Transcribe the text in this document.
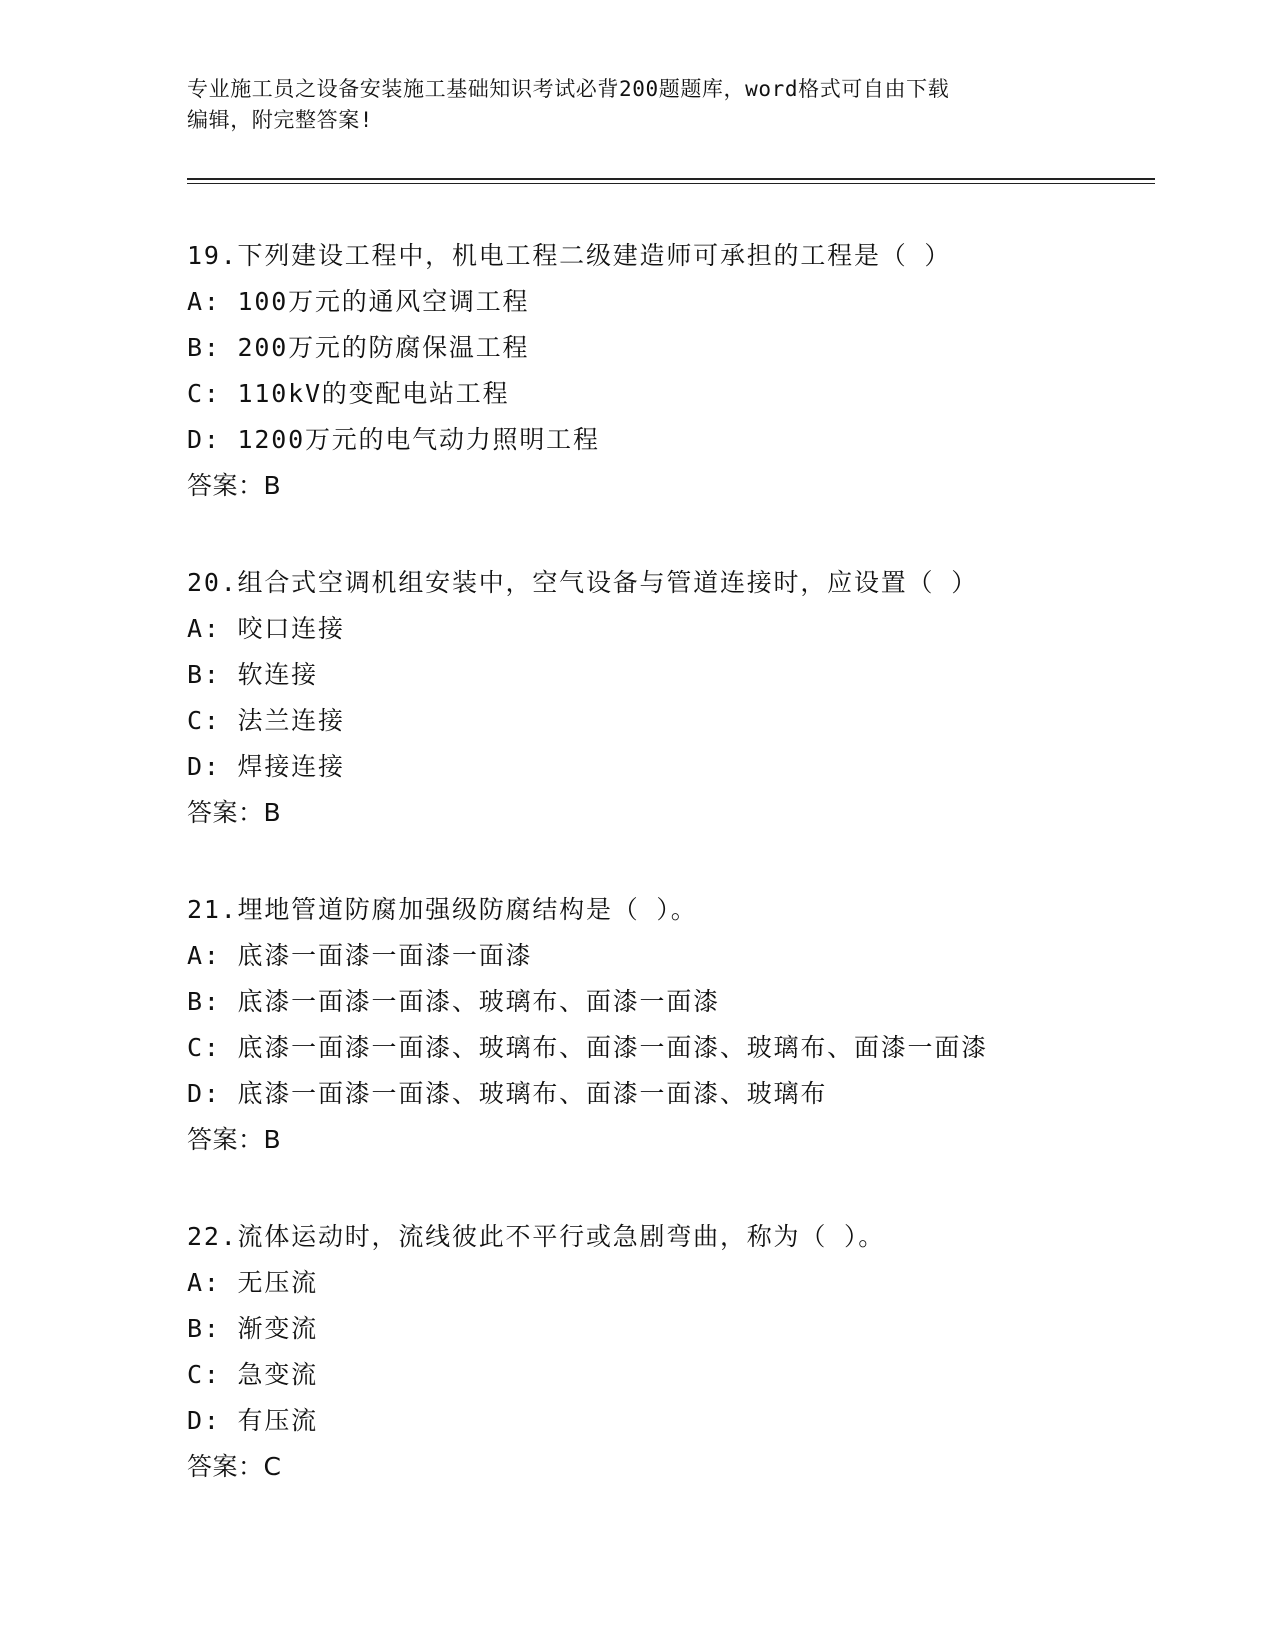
专业施工员之设备安装施工基础知识考试必背200题题库，word格式可自由下载
编辑，附完整答案!
19.下列建设工程中，机电工程二级建造师可承担的工程是（ ）
A: 100万元的通风空调工程
B: 200万元的防腐保温工程
C: 110kV的变配电站工程
D: 1200万元的电气动力照明工程
答案：B
20.组合式空调机组安装中，空气设备与管道连接时，应设置（ ）
A: 咬口连接
B: 软连接
C: 法兰连接
D: 焊接连接
答案：B
21.埋地管道防腐加强级防腐结构是（ ）。
A: 底漆一面漆一面漆一面漆
B: 底漆一面漆一面漆、玻璃布、面漆一面漆
C: 底漆一面漆一面漆、玻璃布、面漆一面漆、玻璃布、面漆一面漆
D: 底漆一面漆一面漆、玻璃布、面漆一面漆、玻璃布
答案：B
22.流体运动时，流线彼此不平行或急剧弯曲，称为（ ）。
A: 无压流
B: 渐变流
C: 急变流
D: 有压流
答案：C
